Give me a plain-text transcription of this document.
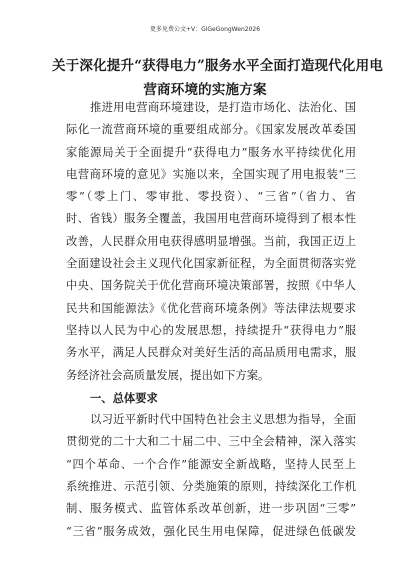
更多免费公文+V：GiGeGongWen2026
关于深化提升“获得电力”服务水平全面打造现代化用电
营商环境的实施方案
推进用电营商环境建设，是打造市场化、法治化、国
际化一流营商环境的重要组成部分。《国家发展改革委国
家能源局关于全面提升“获得电力”服务水平持续优化用
电营商环境的意见》实施以来，全国实现了用电报装“三
零”（零上门、零审批、零投资）、“三省”（省力、省
时、省钱）服务全覆盖，我国用电营商环境得到了根本性
改善，人民群众用电获得感明显增强。当前，我国正迈上
全面建设社会主义现代化国家新征程，为全面贯彻落实党
中央、国务院关于优化营商环境决策部署，按照《中华人
民共和国能源法》《优化营商环境条例》等法律法规要求
坚持以人民为中心的发展思想，持续提升“获得电力”服
务水平，满足人民群众对美好生活的高品质用电需求，服
务经济社会高质量发展，提出如下方案。
一、总体要求
以习近平新时代中国特色社会主义思想为指导，全面
贯彻党的二十大和二十届二中、三中全会精神，深入落实
“四个革命、一个合作”能源安全新战略，坚持人民至上
系统推进、示范引领、分类施策的原则，持续深化工作机
制、服务模式、监管体系改革创新，进一步巩固“三零”
“三省”服务成效，强化民生用电保障，促进绿色低碳发
